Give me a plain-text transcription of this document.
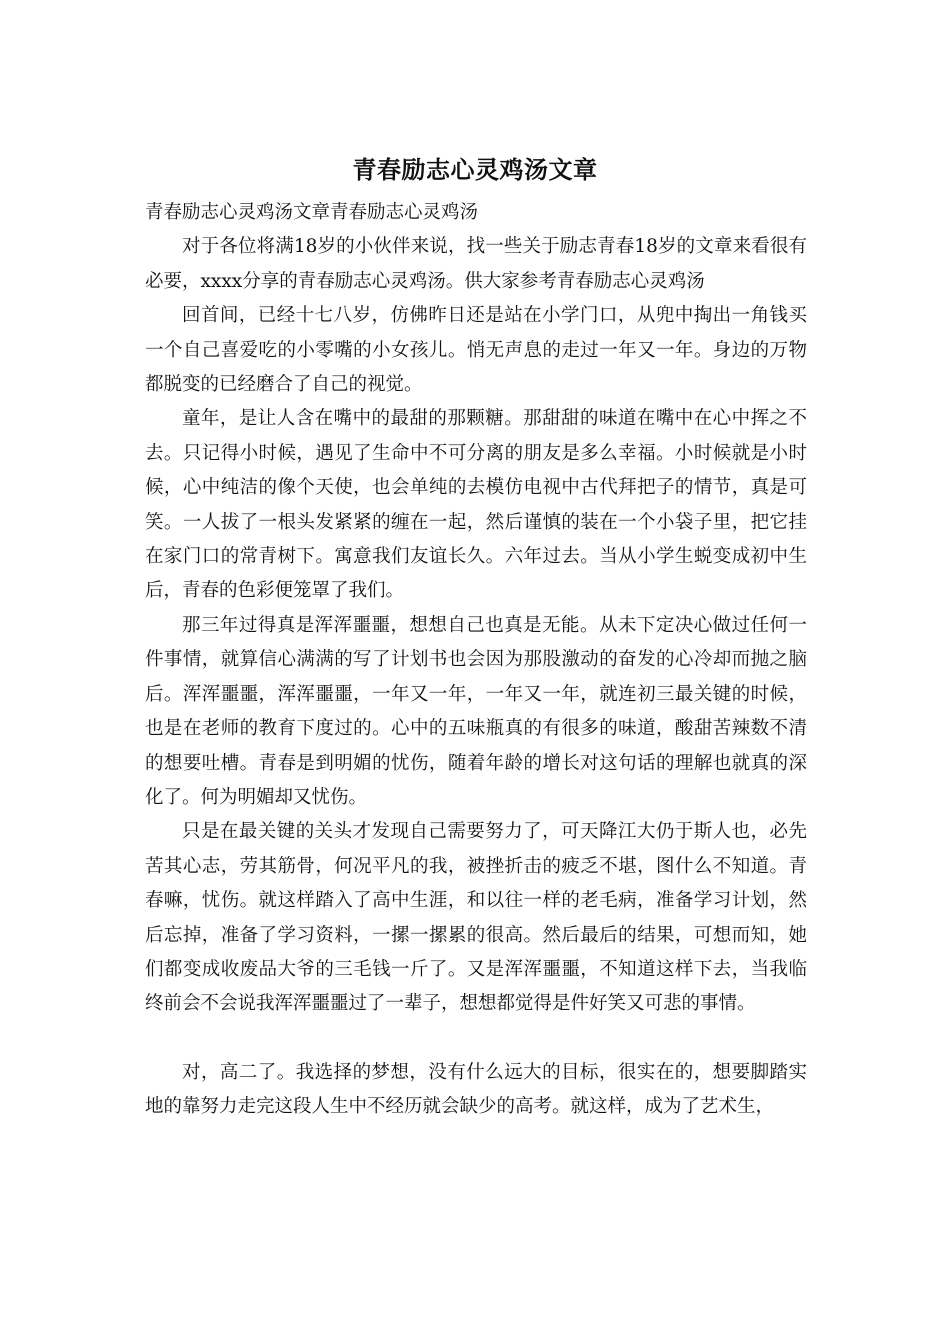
青春励志心灵鸡汤文章

青春励志心灵鸡汤文章青春励志心灵鸡汤

对于各位将满18岁的小伙伴来说，找一些关于励志青春18岁的文章来看很有必要，xxxx分享的青春励志心灵鸡汤。供大家参考青春励志心灵鸡汤

回首间，已经十七八岁，仿佛昨日还是站在小学门口，从兜中掏出一角钱买一个自己喜爱吃的小零嘴的小女孩儿。悄无声息的走过一年又一年。身边的万物都脱变的已经磨合了自己的视觉。

童年，是让人含在嘴中的最甜的那颗糖。那甜甜的味道在嘴中在心中挥之不去。只记得小时候，遇见了生命中不可分离的朋友是多么幸福。小时候就是小时候，心中纯洁的像个天使，也会单纯的去模仿电视中古代拜把子的情节，真是可笑。一人拔了一根头发紧紧的缠在一起，然后谨慎的装在一个小袋子里，把它挂在家门口的常青树下。寓意我们友谊长久。六年过去。当从小学生蜕变成初中生后，青春的色彩便笼罩了我们。

那三年过得真是浑浑噩噩，想想自己也真是无能。从未下定决心做过任何一件事情，就算信心满满的写了计划书也会因为那股激动的奋发的心冷却而抛之脑后。浑浑噩噩，浑浑噩噩，一年又一年，一年又一年，就连初三最关键的时候，也是在老师的教育下度过的。心中的五味瓶真的有很多的味道，酸甜苦辣数不清的想要吐槽。青春是到明媚的忧伤，随着年龄的增长对这句话的理解也就真的深化了。何为明媚却又忧伤。

只是在最关键的关头才发现自己需要努力了，可天降江大仍于斯人也，必先苦其心志，劳其筋骨，何况平凡的我，被挫折击的疲乏不堪，图什么不知道。青春嘛，忧伤。就这样踏入了高中生涯，和以往一样的老毛病，准备学习计划，然后忘掉，准备了学习资料，一摞一摞累的很高。然后最后的结果，可想而知，她们都变成收废品大爷的三毛钱一斤了。又是浑浑噩噩，不知道这样下去，当我临终前会不会说我浑浑噩噩过了一辈子，想想都觉得是件好笑又可悲的事情。

对，高二了。我选择的梦想，没有什么远大的目标，很实在的，想要脚踏实地的靠努力走完这段人生中不经历就会缺少的高考。就这样，成为了艺术生，
